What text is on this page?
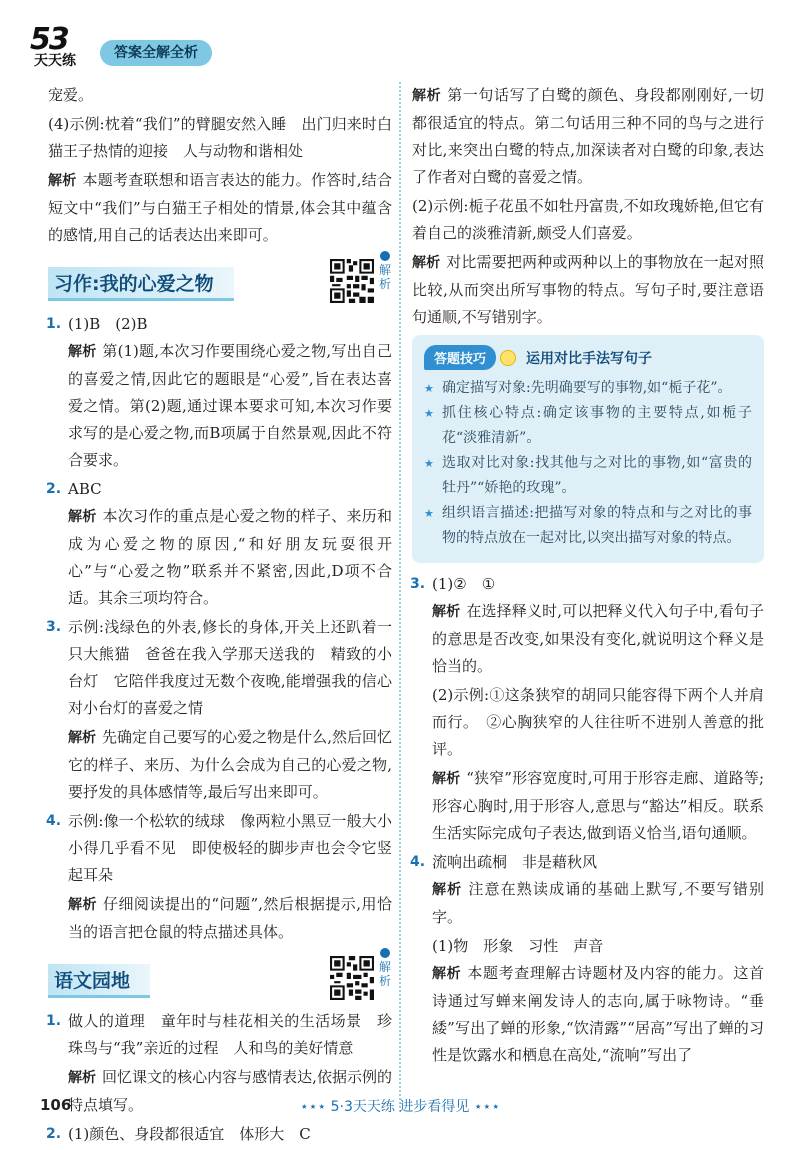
53
天天练	答案全解全析

宠爱。

(4)示例:枕着“我们”的臂腿安然入睡　出门归来时白猫王子热情的迎接　人与动物和谐相处

解析 本题考查联想和语言表达的能力。作答时,结合短文中“我们”与白猫王子相处的情景,体会其中蕴含的感情,用自己的话表达出来即可。

习作:我的心爱之物
解析
1. (1)B　(2)B
解析 第(1)题,本次习作要围绕心爱之物,写出自己的喜爱之情,因此它的题眼是“心爱”,旨在表达喜爱之情。第(2)题,通过课本要求可知,本次习作要求写的是心爱之物,而B项属于自然景观,因此不符合要求。
2. ABC
解析 本次习作的重点是心爱之物的样子、来历和成为心爱之物的原因,“和好朋友玩耍很开心”与“心爱之物”联系并不紧密,因此,D项不合适。其余三项均符合。
3. 示例:浅绿色的外表,修长的身体,开关上还趴着一只大熊猫　爸爸在我入学那天送我的　精致的小台灯　它陪伴我度过无数个夜晚,能增强我的信心　对小台灯的喜爱之情
解析 先确定自己要写的心爱之物是什么,然后回忆它的样子、来历、为什么会成为自己的心爱之物,要抒发的具体感情等,最后写出来即可。
4. 示例:像一个松软的绒球　像两粒小黑豆一般大小　小得几乎看不见　即使极轻的脚步声也会令它竖起耳朵
解析 仔细阅读提出的“问题”,然后根据提示,用恰当的语言把仓鼠的特点描述具体。
语文园地
解析
1. 做人的道理　童年时与桂花相关的生活场景　珍珠鸟与“我”亲近的过程　人和鸟的美好情意
解析 回忆课文的核心内容与感情表达,依据示例的特点填写。
2. (1)颜色、身段都很适宜　体形大　C

解析 第一句话写了白鹭的颜色、身段都刚刚好,一切都很适宜的特点。第二句话用三种不同的鸟与之进行对比,来突出白鹭的特点,加深读者对白鹭的印象,表达了作者对白鹭的喜爱之情。

(2)示例:栀子花虽不如牡丹富贵,不如玫瑰娇艳,但它有着自己的淡雅清新,颇受人们喜爱。

解析 对比需要把两种或两种以上的事物放在一起对照比较,从而突出所写事物的特点。写句子时,要注意语句通顺,不写错别字。

答题技巧	运用对比手法写句子
★ 确定描写对象:先明确要写的事物,如“栀子花”。
★ 抓住核心特点:确定该事物的主要特点,如栀子花“淡雅清新”。
★ 选取对比对象:找其他与之对比的事物,如“富贵的牡丹”“娇艳的玫瑰”。
★ 组织语言描述:把描写对象的特点和与之对比的事物的特点放在一起对比,以突出描写对象的特点。
3. (1)②　①
解析 在选择释义时,可以把释义代入句子中,看句子的意思是否改变,如果没有变化,就说明这个释义是恰当的。
(2)示例:①这条狭窄的胡同只能容得下两个人并肩而行。　②心胸狭窄的人往往听不进别人善意的批评。
解析 “狭窄”形容宽度时,可用于形容走廊、道路等;形容心胸时,用于形容人,意思与“豁达”相反。联系生活实际完成句子表达,做到语义恰当,语句通顺。
4. 流响出疏桐　非是藉秋风
解析 注意在熟读成诵的基础上默写,不要写错别字。
(1)物　形象　习性　声音
解析 本题考查理解古诗题材及内容的能力。这首诗通过写蝉来阐发诗人的志向,属于咏物诗。“垂緌”写出了蝉的形象,“饮清露”“居高”写出了蝉的习性是饮露水和栖息在高处,“流响”写出了
106	⋆⋆⋆ 5·3天天练 进步看得见 ⋆⋆⋆
